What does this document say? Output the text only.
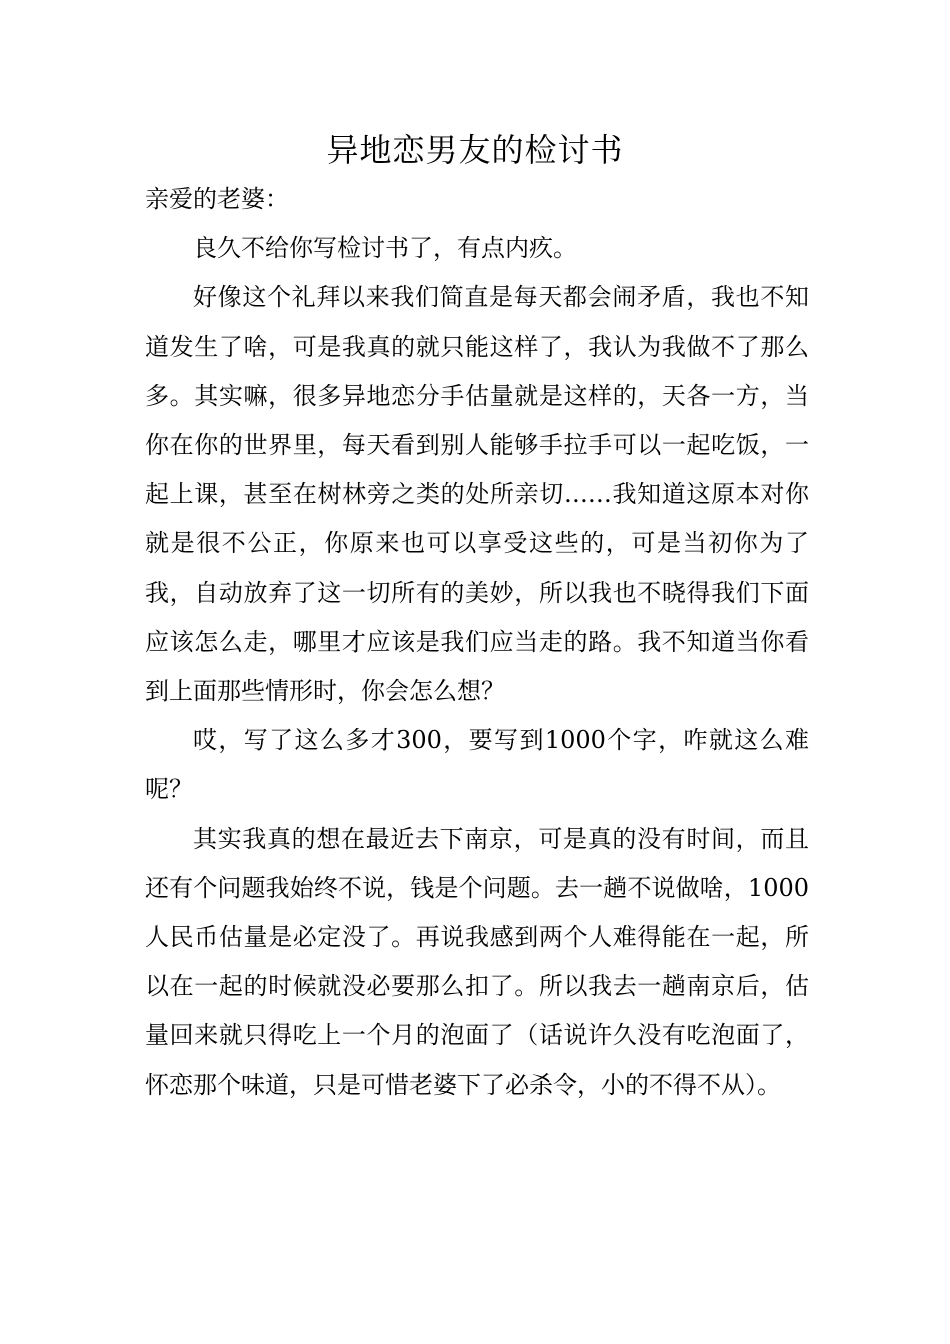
异地恋男友的检讨书

亲爱的老婆：

良久不给你写检讨书了，有点内疚。

好像这个礼拜以来我们简直是每天都会闹矛盾，我也不知道发生了啥，可是我真的就只能这样了，我认为我做不了那么多。其实嘛，很多异地恋分手估量就是这样的，天各一方，当你在你的世界里，每天看到别人能够手拉手可以一起吃饭，一起上课，甚至在树林旁之类的处所亲切……我知道这原本对你就是很不公正，你原来也可以享受这些的，可是当初你为了我，自动放弃了这一切所有的美妙，所以我也不晓得我们下面应该怎么走，哪里才应该是我们应当走的路。我不知道当你看到上面那些情形时，你会怎么想？

哎，写了这么多才300，要写到1000个字，咋就这么难呢？

其实我真的想在最近去下南京，可是真的没有时间，而且还有个问题我始终不说，钱是个问题。去一趟不说做啥，1000人民币估量是必定没了。再说我感到两个人难得能在一起，所以在一起的时候就没必要那么扣了。所以我去一趟南京后，估量回来就只得吃上一个月的泡面了（话说许久没有吃泡面了，怀恋那个味道，只是可惜老婆下了必杀令，小的不得不从）。
